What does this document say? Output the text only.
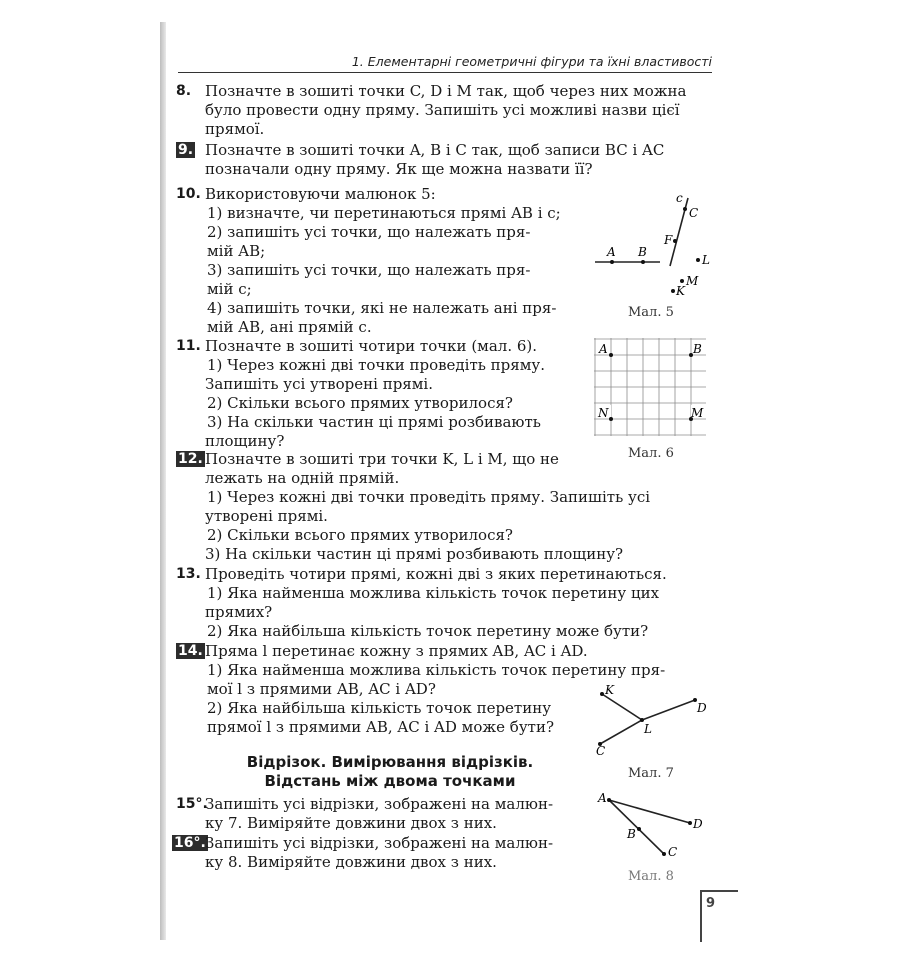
1. Елементарні геометричні фігури та їхні властивості
8. Позначте в зошиті точки C, D і M так, щоб через них можна
було провести одну пряму. Запишіть усі можливі назви цієї
прямої.
9. Позначте в зошиті точки A, B і C так, щоб записи BC і AC
позначали одну пряму. Як ще можна назвати її?
10. Використовуючи малюнок 5:
1) визначте, чи перетинаються прямі AB і c;
2) запишіть усі точки, що належать пря-
мій AB;
3) запишіть усі точки, що належать пря-
мій c;
4) запишіть точки, які не належать ані пря-
мій AB, ані прямій c.
11. Позначте в зошиті чотири точки (мал. 6).
1) Через кожні дві точки проведіть пряму.
Запишіть усі утворені прямі.
2) Скільки всього прямих утворилося?
3) На скільки частин ці прямі розбивають
площину?
12. Позначте в зошиті три точки K, L і M, що не
лежать на одній прямій.
1) Через кожні дві точки проведіть пряму. Запишіть усі
утворені прямі.
2) Скільки всього прямих утворилося?
3) На скільки частин ці прямі розбивають площину?
13. Проведіть чотири прямі, кожні дві з яких перетинаються.
1) Яка найменша можлива кількість точок перетину цих
прямих?
2) Яка найбільша кількість точок перетину може бути?
14. Пряма l перетинає кожну з прямих AB, AC і AD.
1) Яка найменша можлива кількість точок перетину пря-
мої l з прямими AB, AC і AD?
2) Яка найбільша кількість точок перетину
прямої l з прямими AB, AC і AD може бути?
15°.
Запишіть усі відрізки, зображені на малюн-
ку 7. Виміряйте довжини двох з них.
16°. Запишіть усі відрізки, зображені на малюн-
ку 8. Виміряйте довжини двох з них.
Відрізок. Вимірювання відрізків.
Відстань між двома точками
c
C
F
A B
L
M
K
Мал. 5
A	B
N	M
Мал. 6
K
D
L
C
Мал. 7
A
D
B
C
Мал. 8
9
